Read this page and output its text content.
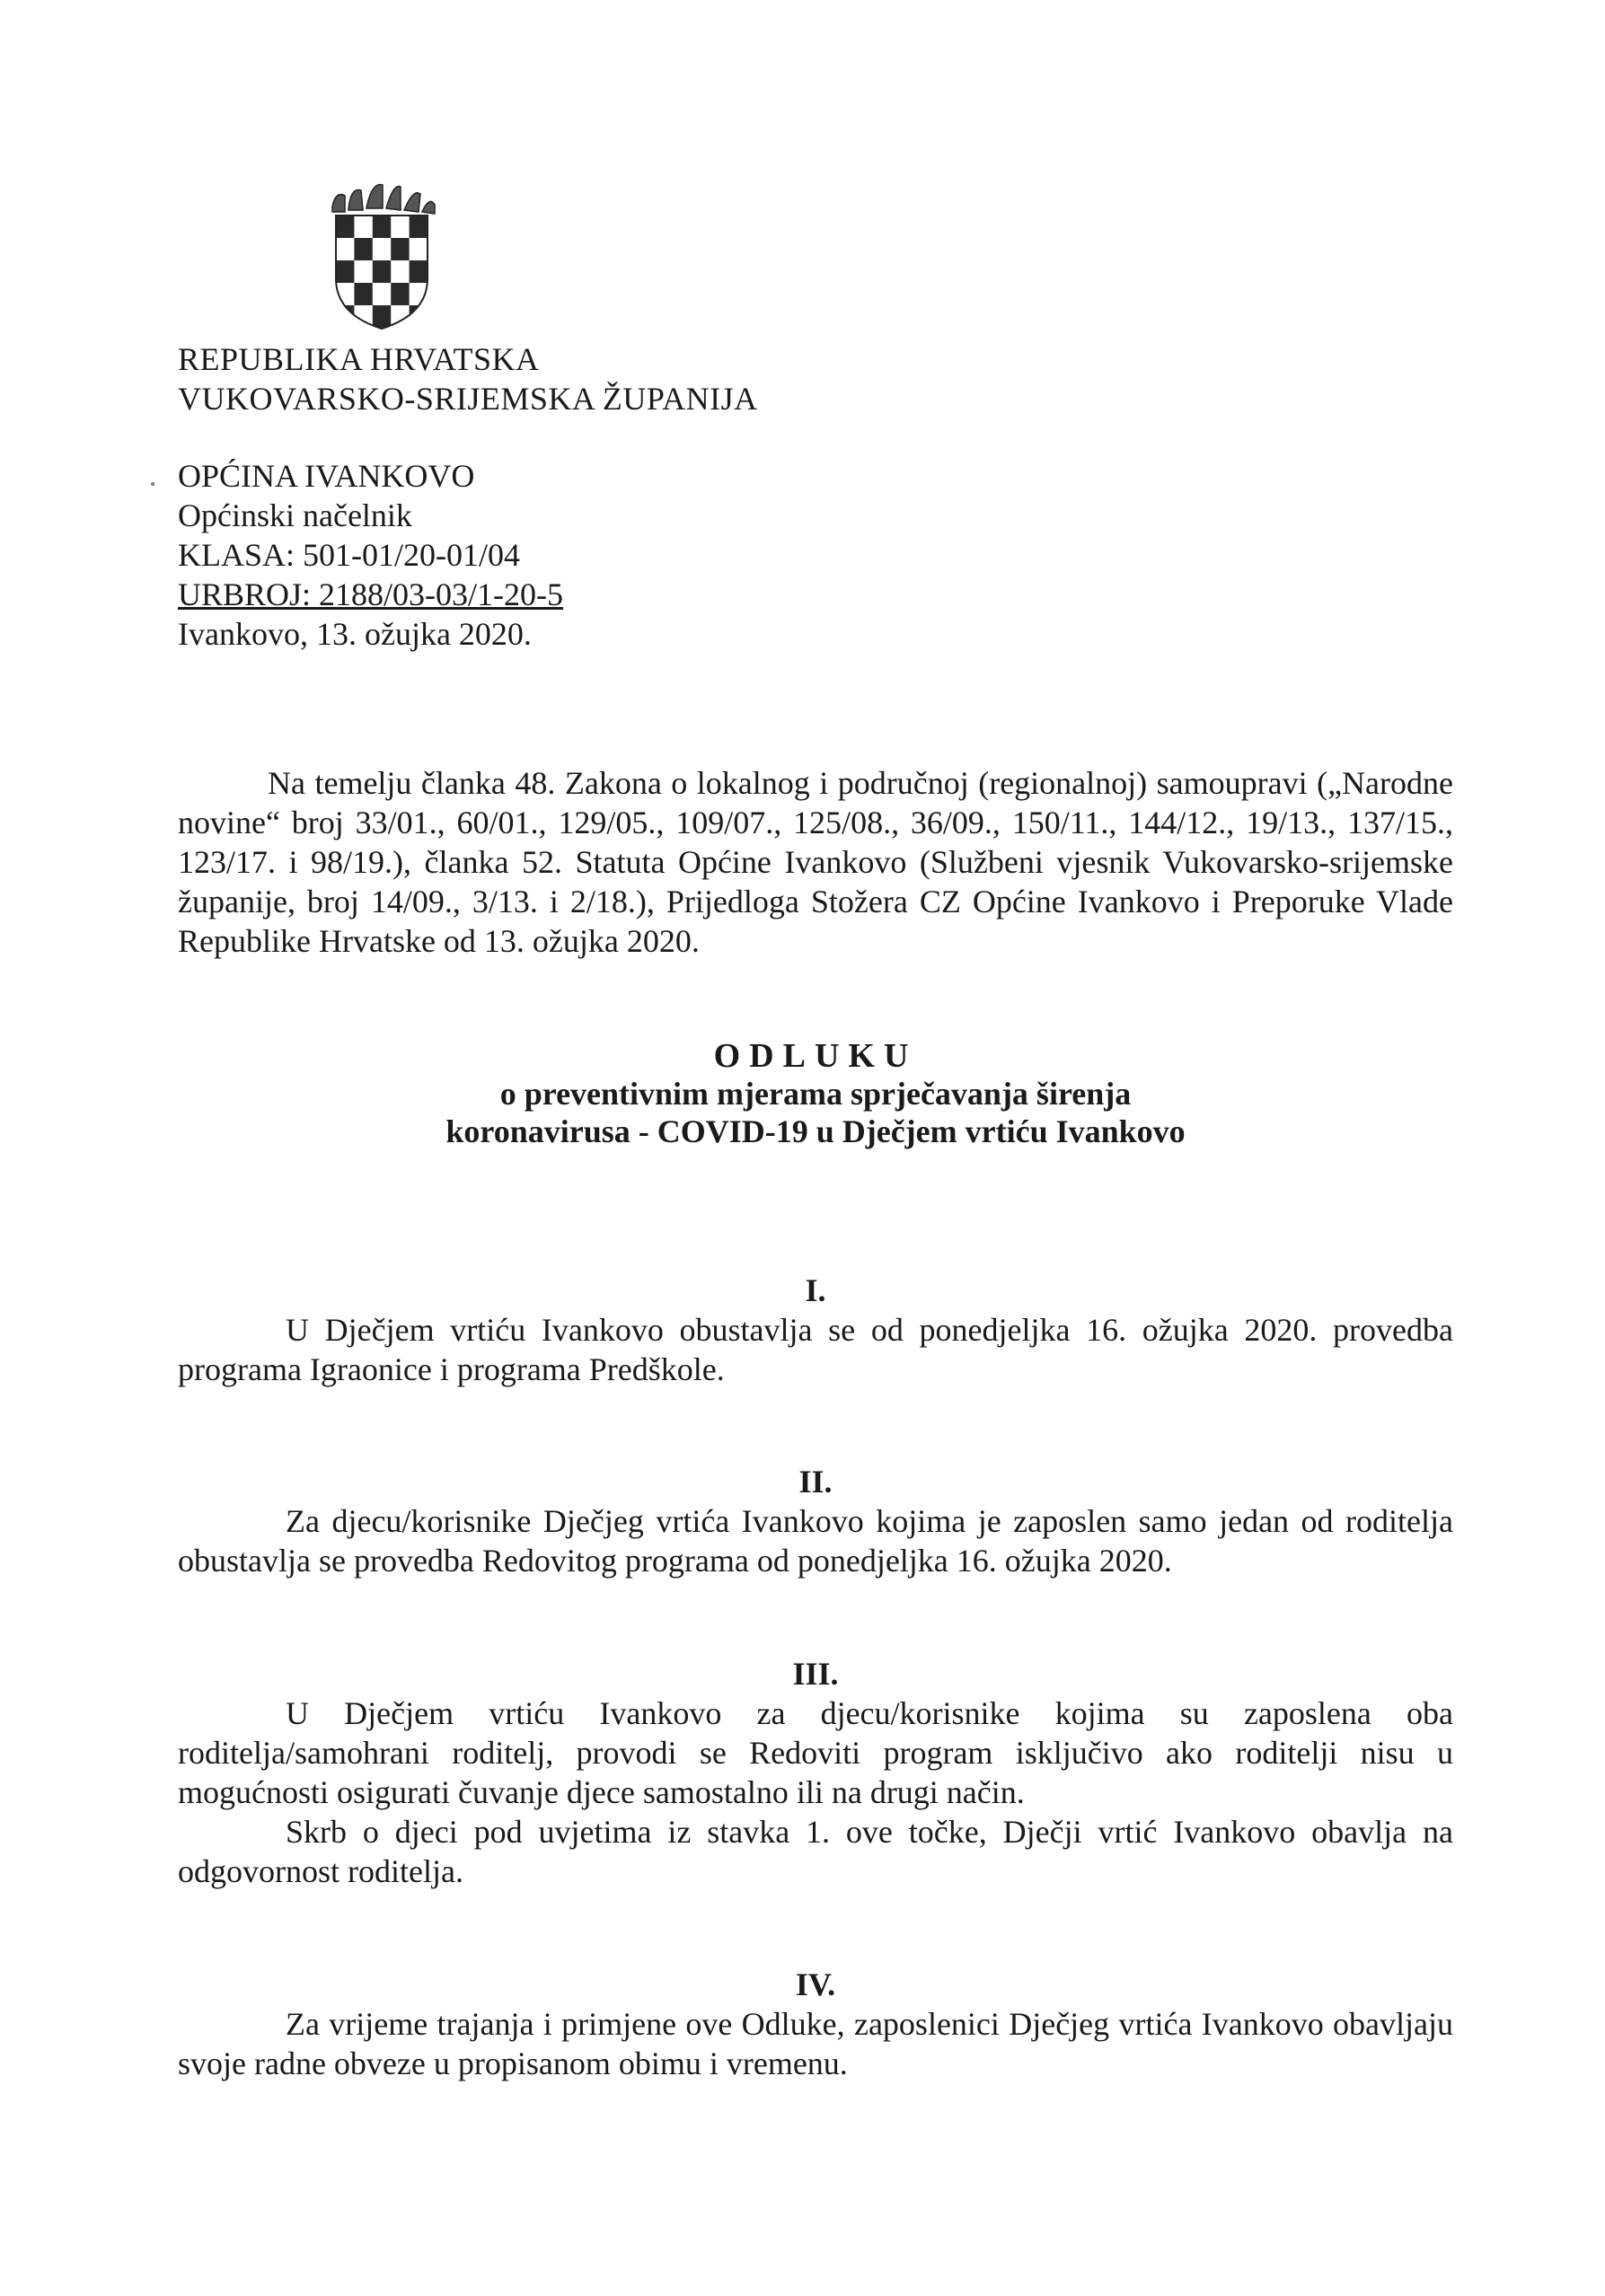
REPUBLIKA HRVATSKA
VUKOVARSKO-SRIJEMSKA ŽUPANIJA
OPĆINA IVANKOVO
Općinski načelnik
KLASA: 501-01/20-01/04
URBROJ: 2188/03-03/1-20-5
Ivankovo, 13. ožujka 2020.

Na temelju članka 48. Zakona o lokalnog i područnoj (regionalnoj) samoupravi („Narodne novine“ broj 33/01., 60/01., 129/05., 109/07., 125/08., 36/09., 150/11., 144/12., 19/13., 137/15., 123/17. i 98/19.), članka 52. Statuta Općine Ivankovo (Službeni vjesnik Vukovarsko-srijemske županije, broj 14/09., 3/13. i 2/18.), Prijedloga Stožera CZ Općine Ivankovo i Preporuke Vlade Republike Hrvatske od 13. ožujka 2020.

ODLUKU
o preventivnim mjerama sprječavanja širenja
koronavirusa - COVID-19 u Dječjem vrtiću Ivankovo
I.

U Dječjem vrtiću Ivankovo obustavlja se od ponedjeljka 16. ožujka 2020. provedba programa Igraonice i programa Predškole.

II.

Za djecu/korisnike Dječjeg vrtića Ivankovo kojima je zaposlen samo jedan od roditelja obustavlja se provedba Redovitog programa od ponedjeljka 16. ožujka 2020.

III.

U Dječjem vrtiću Ivankovo za djecu/korisnike kojima su zaposlena oba roditelja/samohrani roditelj, provodi se Redoviti program isključivo ako roditelji nisu u mogućnosti osigurati čuvanje djece samostalno ili na drugi način.

Skrb o djeci pod uvjetima iz stavka 1. ove točke, Dječji vrtić Ivankovo obavlja na odgovornost roditelja.

IV.

Za vrijeme trajanja i primjene ove Odluke, zaposlenici Dječjeg vrtića Ivankovo obavljaju svoje radne obveze u propisanom obimu i vremenu.
